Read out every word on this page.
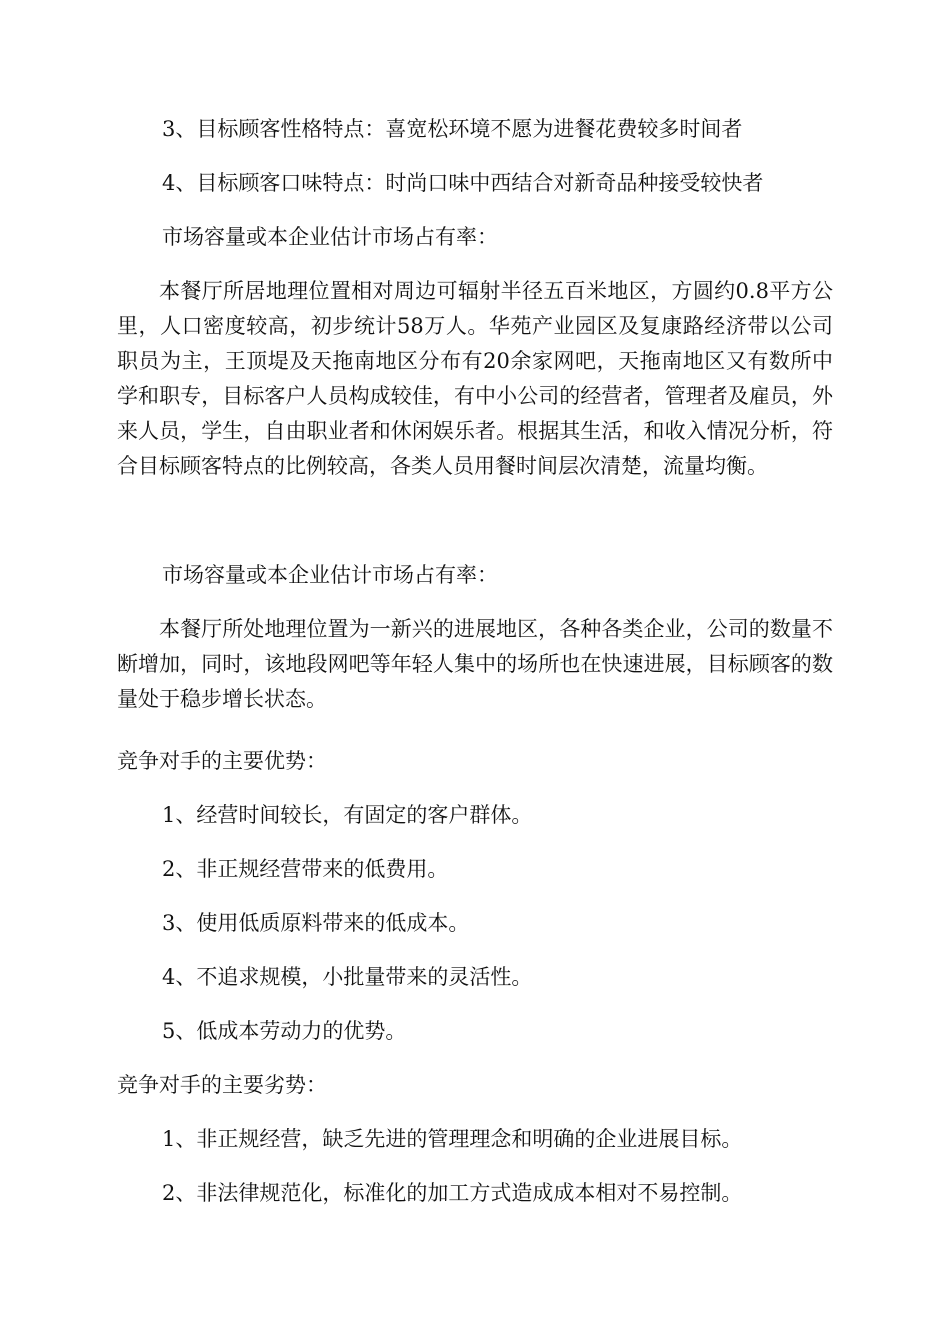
3、目标顾客性格特点：喜宽松环境不愿为进餐花费较多时间者

4、目标顾客口味特点：时尚口味中西结合对新奇品种接受较快者

市场容量或本企业估计市场占有率：

本餐厅所居地理位置相对周边可辐射半径五百米地区，方圆约0.8平方公里，人口密度较高，初步统计58万人。华苑产业园区及复康路经济带以公司职员为主，王顶堤及天拖南地区分布有20余家网吧，天拖南地区又有数所中学和职专，目标客户人员构成较佳，有中小公司的经营者，管理者及雇员，外来人员，学生，自由职业者和休闲娱乐者。根据其生活，和收入情况分析，符合目标顾客特点的比例较高，各类人员用餐时间层次清楚，流量均衡。

市场容量或本企业估计市场占有率：

本餐厅所处地理位置为一新兴的进展地区，各种各类企业，公司的数量不断增加，同时，该地段网吧等年轻人集中的场所也在快速进展，目标顾客的数量处于稳步增长状态。

竞争对手的主要优势：

1、经营时间较长，有固定的客户群体。

2、非正规经营带来的低费用。

3、使用低质原料带来的低成本。

4、不追求规模，小批量带来的灵活性。

5、低成本劳动力的优势。

竞争对手的主要劣势：

1、非正规经营，缺乏先进的管理理念和明确的企业进展目标。

2、非法律规范化，标准化的加工方式造成成本相对不易控制。
